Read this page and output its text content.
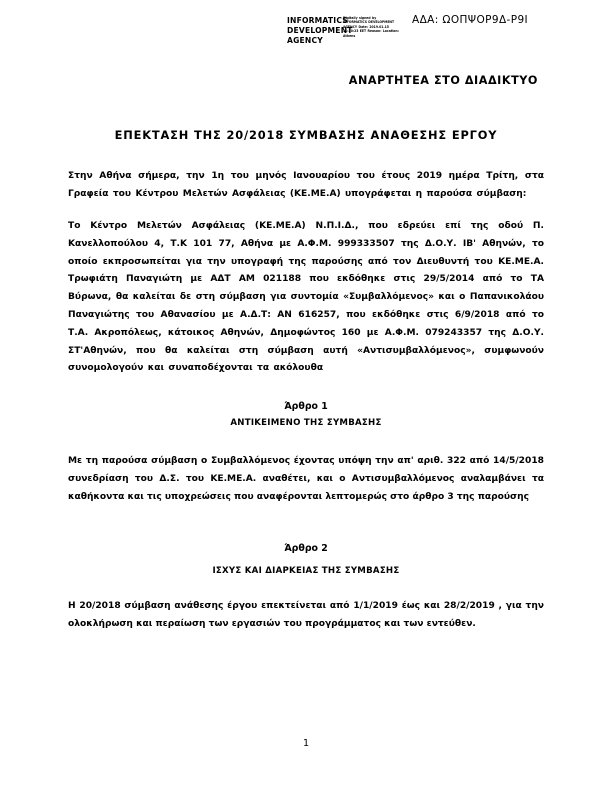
INFORMATICS DEVELOPMENT AGENCY
Digitally signed by INFORMATICS DEVELOPMENT AGENCY Date: 2019.01.15 11:20:23 EET Reason: Location: Athens
ΑΔΑ: ΩΟΠΨΟΡ9Δ-Ρ9Ι
ΑΝΑΡΤΗΤΕΑ ΣΤΟ ΔΙΑΔΙΚΤΥΟ
ΕΠΕΚΤΑΣΗ ΤΗΣ 20/2018 ΣΥΜΒΑΣΗΣ ΑΝΑΘΕΣΗΣ ΕΡΓΟΥ
Στην Αθήνα σήμερα, την 1η του μηνός Ιανουαρίου του έτους 2019 ημέρα Τρίτη, στα Γραφεία του Κέντρου Μελετών Ασφάλειας (ΚΕ.ΜΕ.Α) υπογράφεται η παρούσα σύμβαση:
Το Κέντρο Μελετών Ασφάλειας (ΚΕ.ΜΕ.Α) Ν.Π.Ι.Δ., που εδρεύει επί της οδού Π. Κανελλοπούλου 4, Τ.Κ 101 77, Αθήνα με Α.Φ.Μ. 999333507 της Δ.Ο.Υ. ΙΒ' Αθηνών, το οποίο εκπροσωπείται για την υπογραφή της παρούσης από τον Διευθυντή του ΚΕ.ΜΕ.Α. Τρωφιάτη Παναγιώτη με ΑΔΤ ΑΜ 021188 που εκδόθηκε στις 29/5/2014 από το ΤΑ Βύρωνα, θα καλείται δε στη σύμβαση για συντομία «Συμβαλλόμενος» και ο Παπανικολάου Παναγιώτης του Αθανασίου με Α.Δ.Τ: ΑΝ 616257, που εκδόθηκε στις 6/9/2018 από το Τ.Α. Ακροπόλεως, κάτοικος Αθηνών, Δημοφώντος 160 με Α.Φ.Μ. 079243357 της Δ.Ο.Υ. ΣΤ'Αθηνών, που θα καλείται στη σύμβαση αυτή «Αντισυμβαλλόμενος», συμφωνούν συνομολογούν και συναποδέχονται τα ακόλουθα
Άρθρο 1
ΑΝΤΙΚΕΙΜΕΝΟ ΤΗΣ ΣΥΜΒΑΣΗΣ
Με τη παρούσα σύμβαση ο Συμβαλλόμενος έχοντας υπόψη την απ' αριθ. 322 από 14/5/2018 συνεδρίαση του Δ.Σ. του ΚΕ.ΜΕ.Α. αναθέτει, και ο Αντισυμβαλλόμενος αναλαμβάνει τα καθήκοντα και τις υποχρεώσεις που αναφέρονται λεπτομερώς στο άρθρο 3 της παρούσης
Άρθρο 2
ΙΣΧΥΣ ΚΑΙ ΔΙΑΡΚΕΙΑΣ ΤΗΣ ΣΥΜΒΑΣΗΣ
Η 20/2018 σύμβαση ανάθεσης έργου επεκτείνεται από 1/1/2019 έως και 28/2/2019 , για την ολοκλήρωση και περαίωση των εργασιών του προγράμματος και των εντεύθεν.
1
